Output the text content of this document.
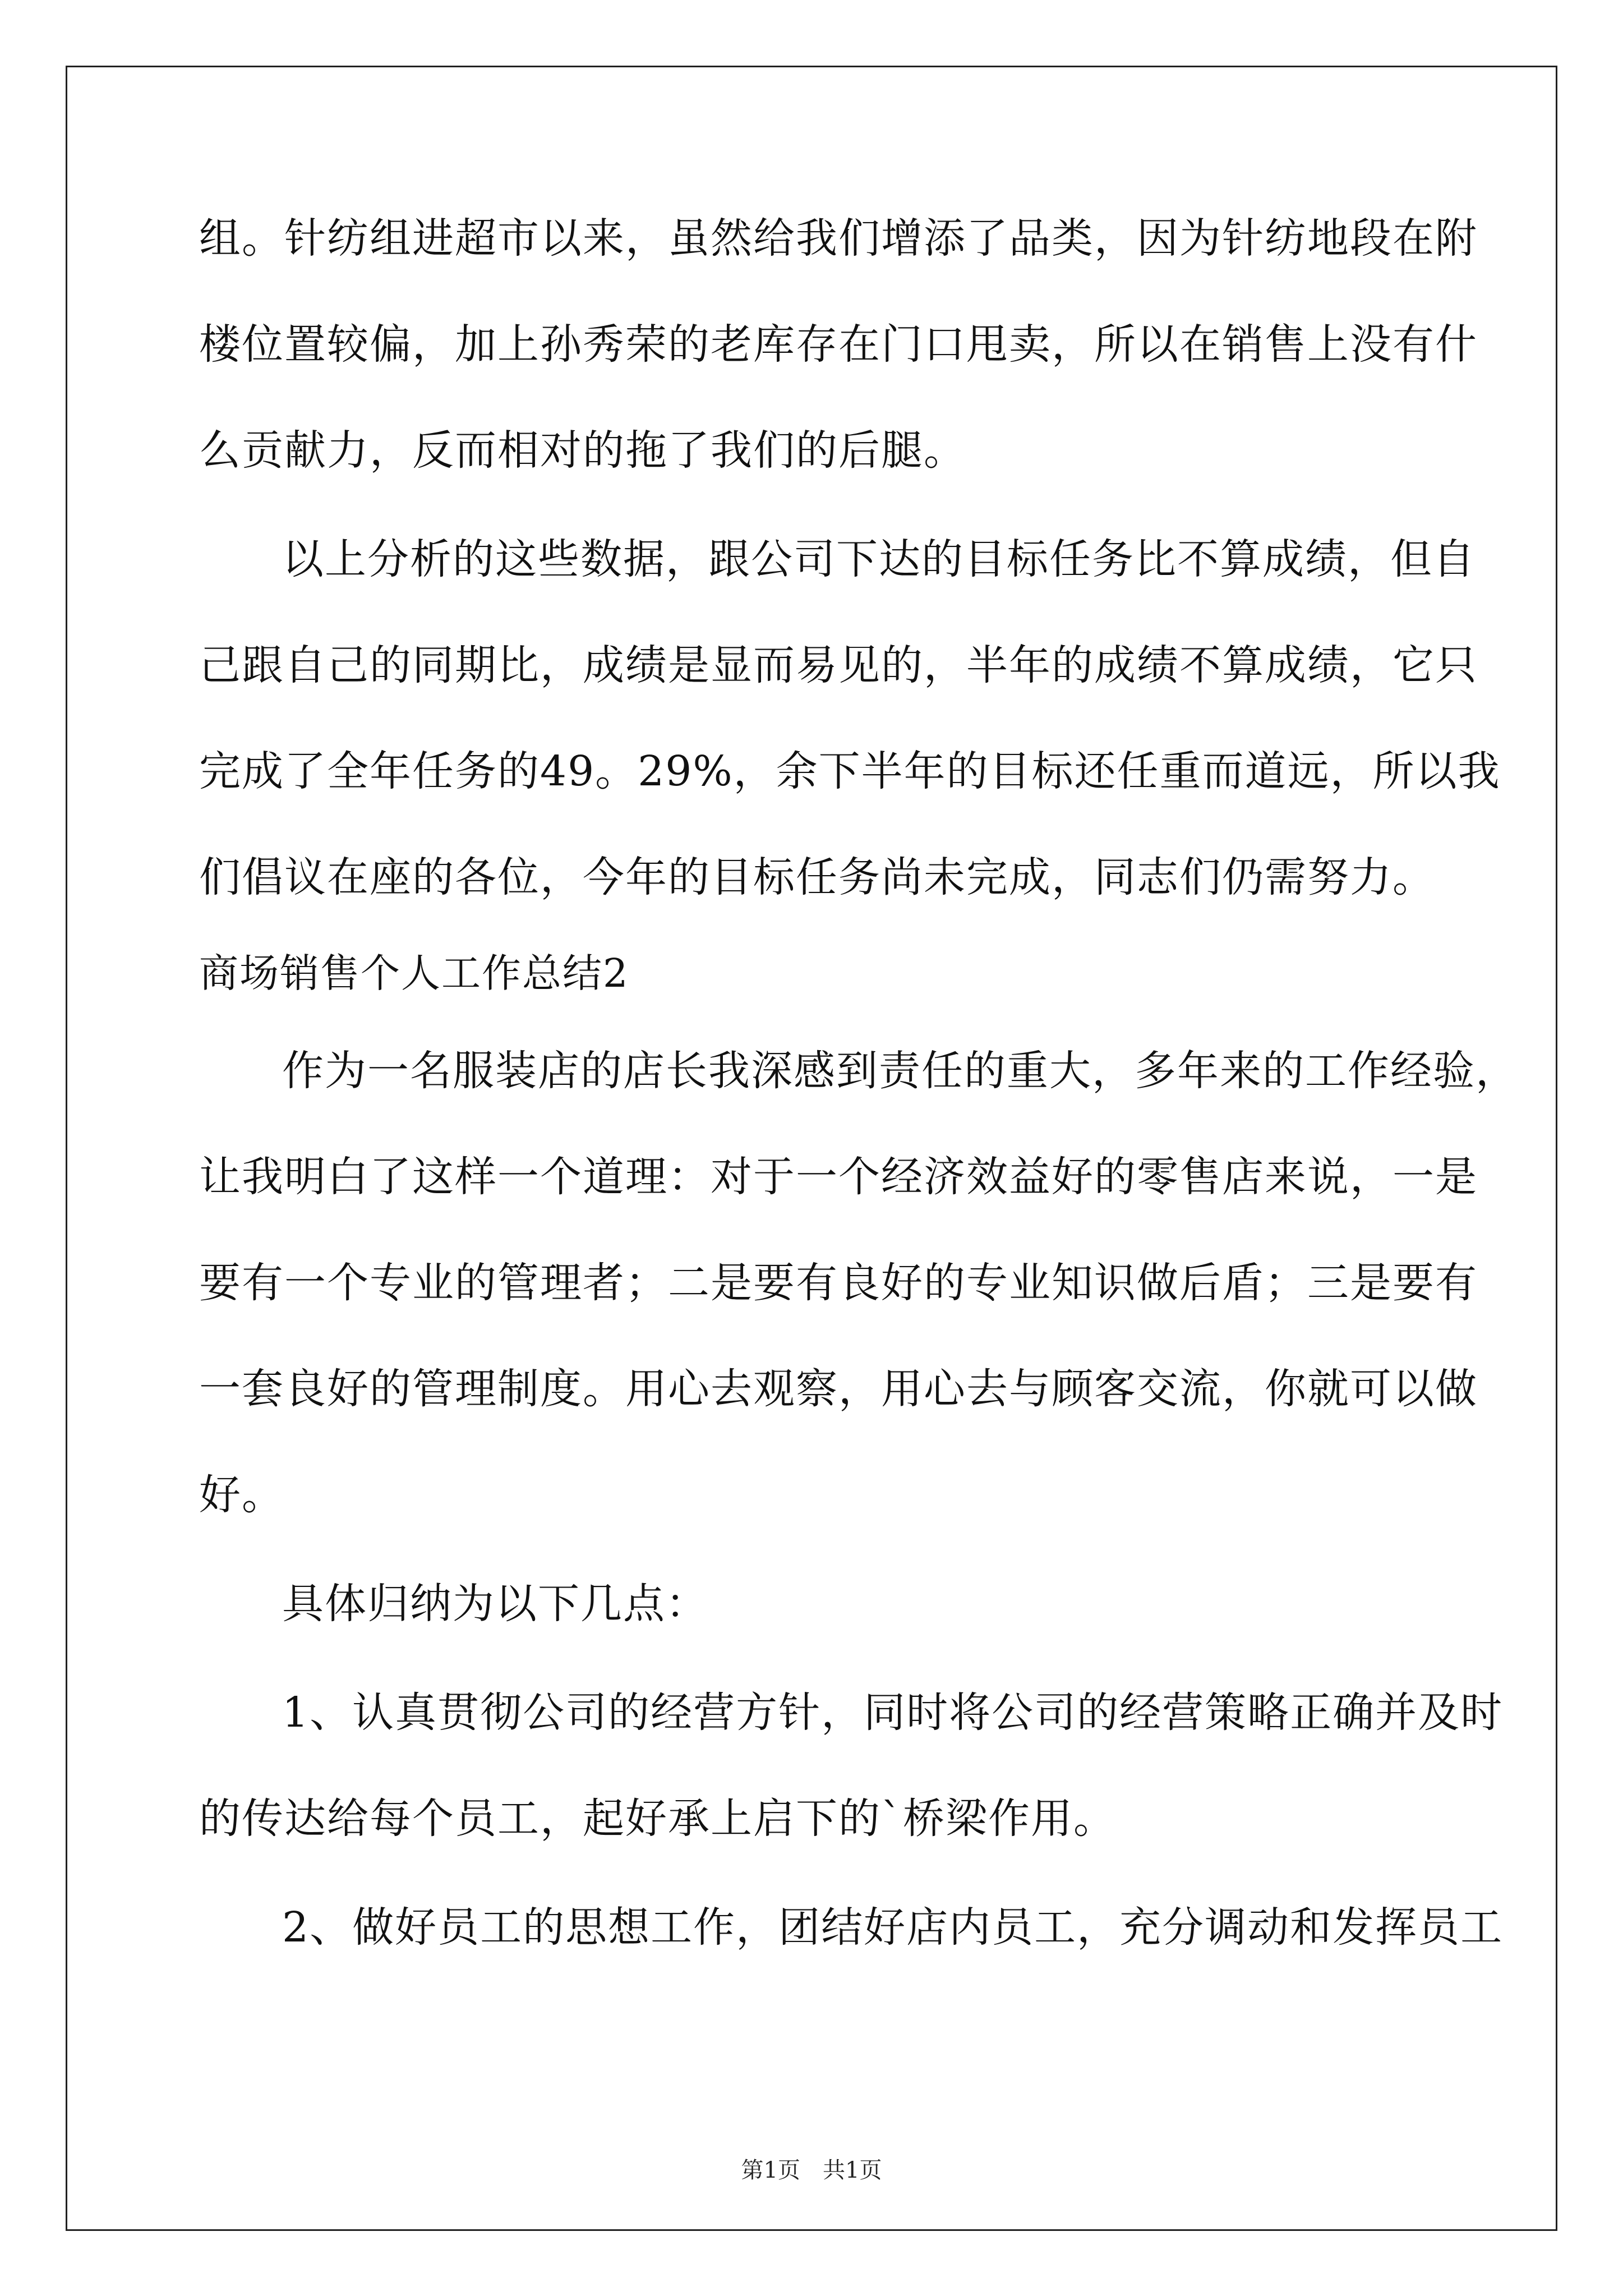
组。针纺组进超市以来，虽然给我们增添了品类，因为针纺地段在附
楼位置较偏，加上孙秀荣的老库存在门口甩卖，所以在销售上没有什
么贡献力，反而相对的拖了我们的后腿。
以上分析的这些数据，跟公司下达的目标任务比不算成绩，但自
己跟自己的同期比，成绩是显而易见的，半年的成绩不算成绩，它只
完成了全年任务的49。29%，余下半年的目标还任重而道远，所以我
们倡议在座的各位，今年的目标任务尚未完成，同志们仍需努力。
商场销售个人工作总结2
作为一名服装店的店长我深感到责任的重大，多年来的工作经验，
让我明白了这样一个道理：对于一个经济效益好的零售店来说，一是
要有一个专业的管理者；二是要有良好的专业知识做后盾；三是要有
一套良好的管理制度。用心去观察，用心去与顾客交流，你就可以做
好。
具体归纳为以下几点：
1、认真贯彻公司的经营方针，同时将公司的经营策略正确并及时
的传达给每个员工，起好承上启下的`桥梁作用。
2、做好员工的思想工作，团结好店内员工，充分调动和发挥员工
第1页　共1页
